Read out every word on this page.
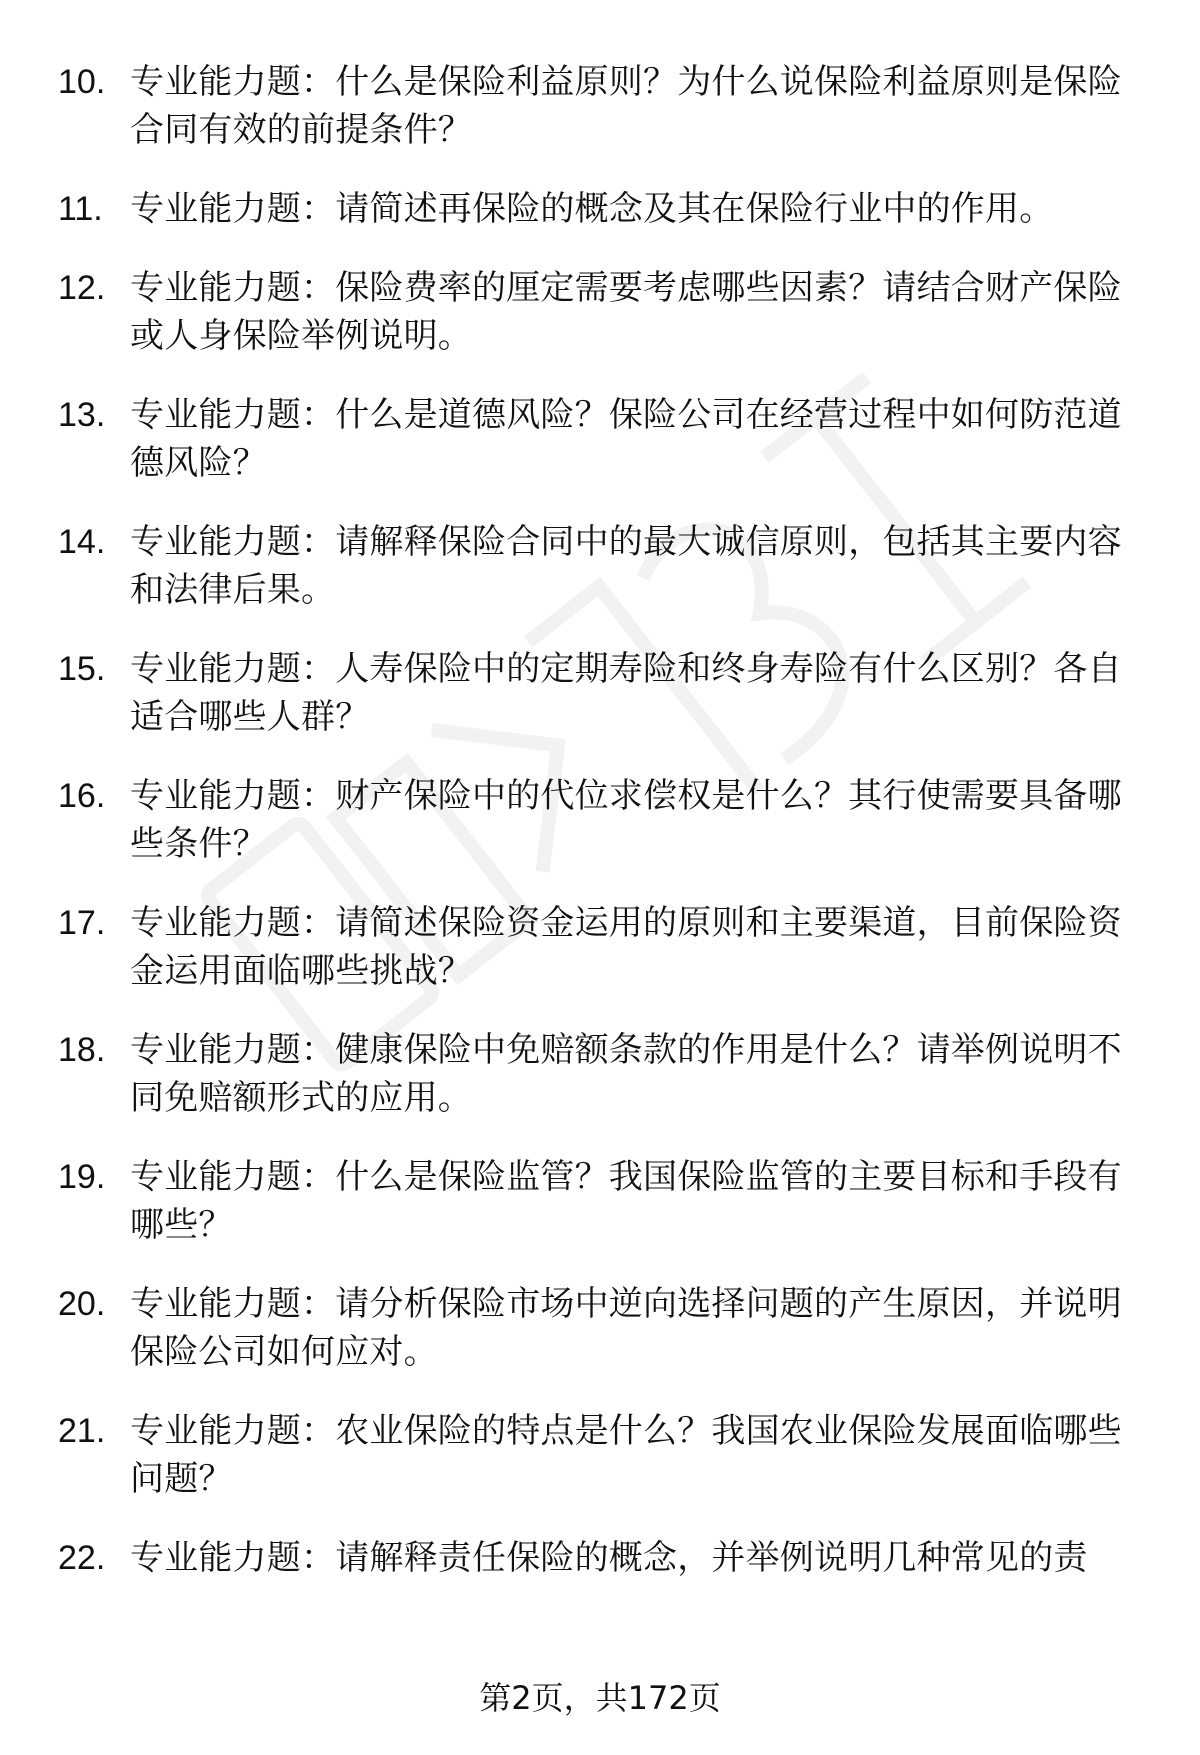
10. 专业能力题：什么是保险利益原则？为什么说保险利益原则是保险合同有效的前提条件？
11. 专业能力题：请简述再保险的概念及其在保险行业中的作用。
12. 专业能力题：保险费率的厘定需要考虑哪些因素？请结合财产保险或人身保险举例说明。
13. 专业能力题：什么是道德风险？保险公司在经营过程中如何防范道德风险？
14. 专业能力题：请解释保险合同中的最大诚信原则，包括其主要内容和法律后果。
15. 专业能力题：人寿保险中的定期寿险和终身寿险有什么区别？各自适合哪些人群？
16. 专业能力题：财产保险中的代位求偿权是什么？其行使需要具备哪些条件？
17. 专业能力题：请简述保险资金运用的原则和主要渠道，目前保险资金运用面临哪些挑战？
18. 专业能力题：健康保险中免赔额条款的作用是什么？请举例说明不同免赔额形式的应用。
19. 专业能力题：什么是保险监管？我国保险监管的主要目标和手段有哪些？
20. 专业能力题：请分析保险市场中逆向选择问题的产生原因，并说明保险公司如何应对。
21. 专业能力题：农业保险的特点是什么？我国农业保险发展面临哪些问题？
22. 专业能力题：请解释责任保险的概念，并举例说明几种常见的责
第2页，共172页
